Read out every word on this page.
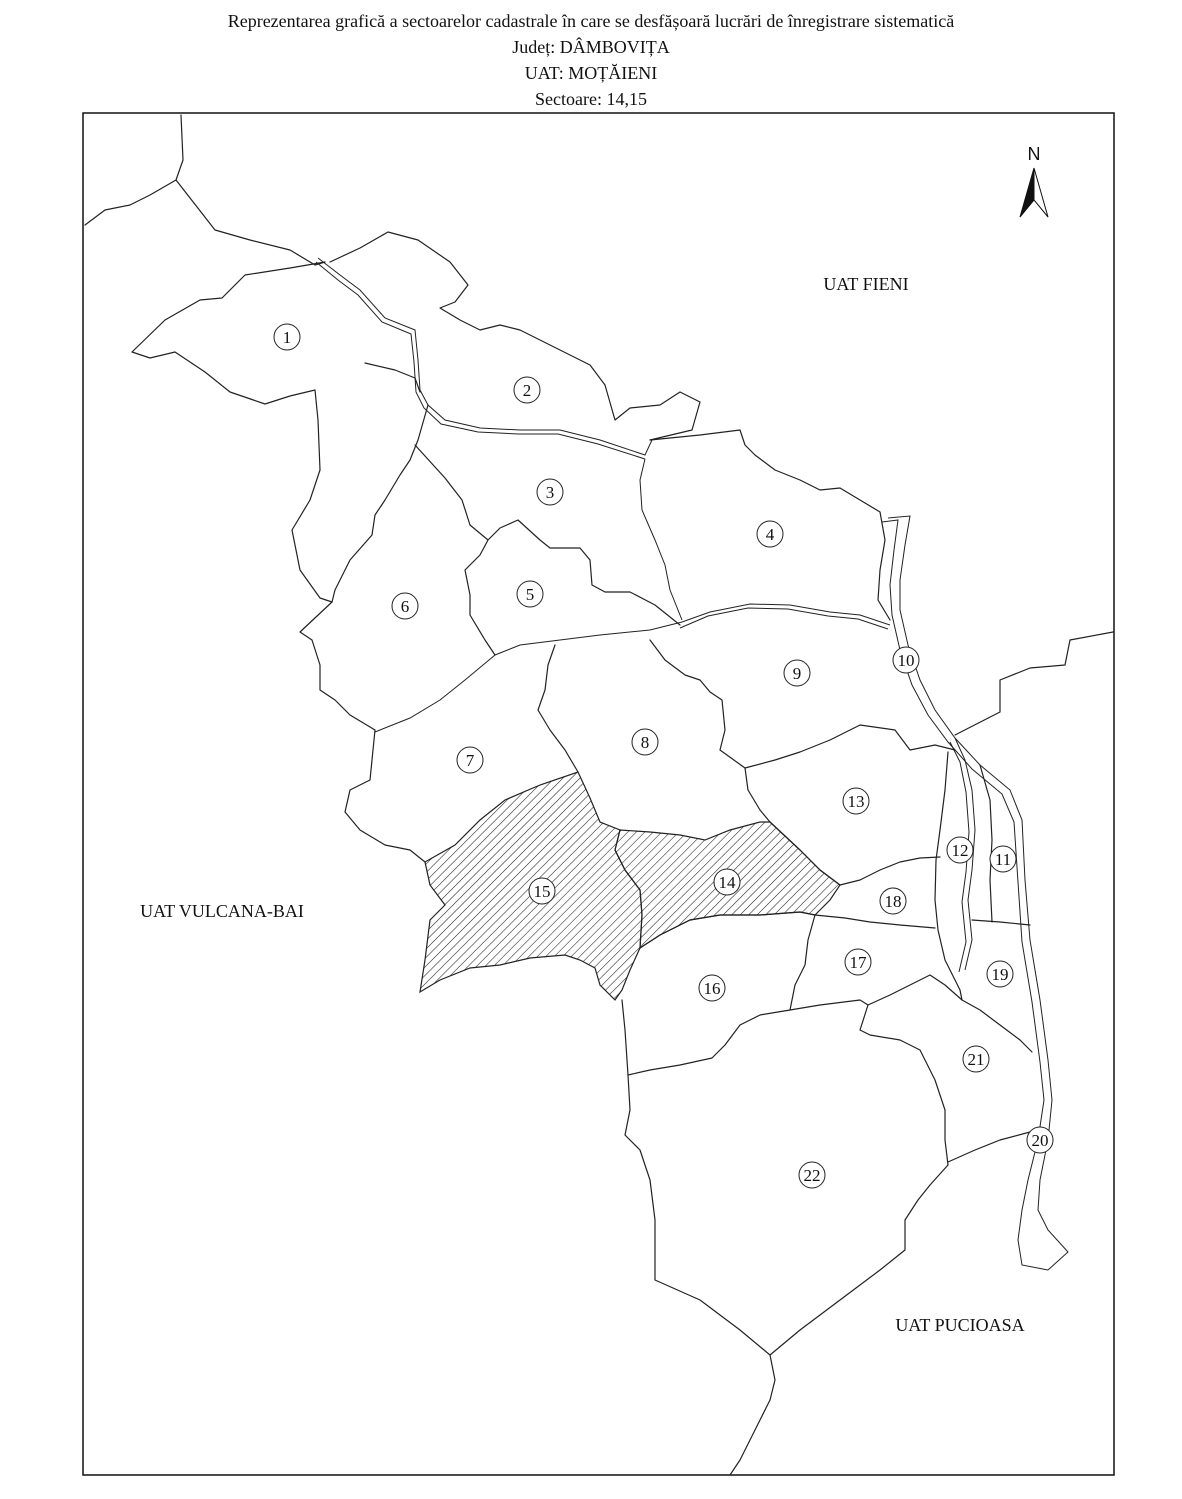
Reprezentarea grafică a sectoarelor cadastrale în care se desfășoară lucrări de înregistrare sistematică
Județ: DÂMBOVIȚA
UAT: MOȚĂIENI
Sectoare: 14,15
1
2
3
4
5
6
7
8
9
10
11
12
13
14
15
16
17
18
19
20
21
22
UAT FIENI
UAT VULCANA-BAI
UAT PUCIOASA
N
